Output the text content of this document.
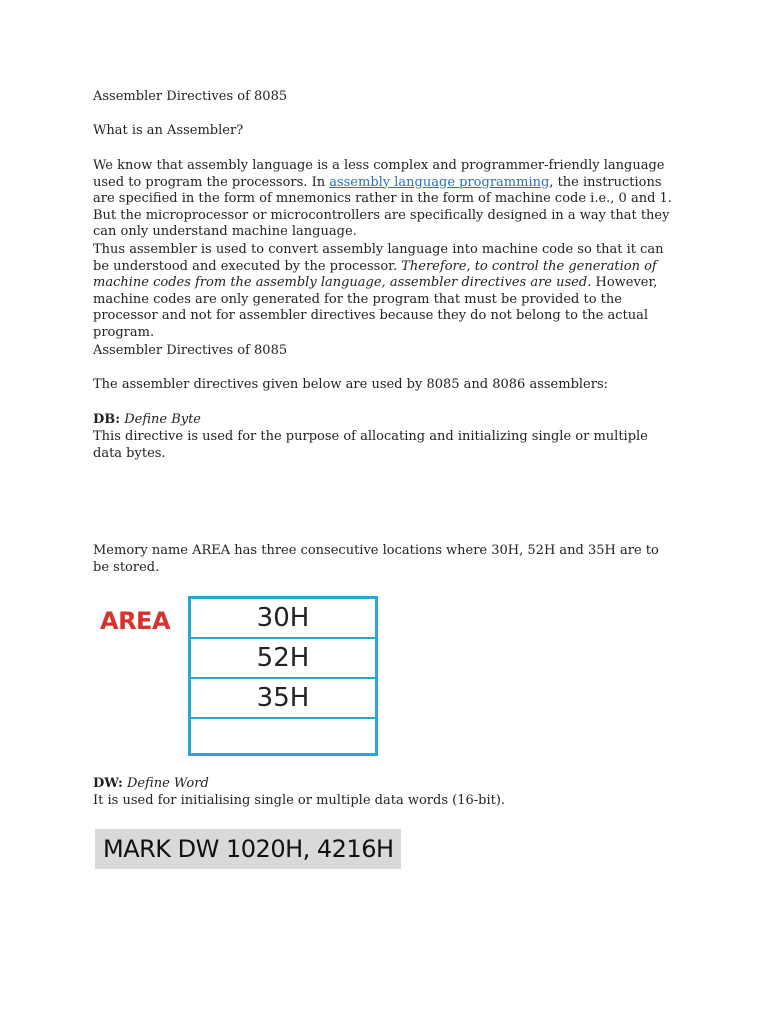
Assembler Directives of 8085

What is an Assembler?

We know that assembly language is a less complex and programmer-friendly language used to program the processors. In assembly language programming, the instructions are specified in the form of mnemonics rather in the form of machine code i.e., 0 and 1. But the microprocessor or microcontrollers are specifically designed in a way that they can only understand machine language.

Thus assembler is used to convert assembly language into machine code so that it can be understood and executed by the processor. Therefore, to control the generation of machine codes from the assembly language, assembler directives are used. However, machine codes are only generated for the program that must be provided to the processor and not for assembler directives because they do not belong to the actual program.

Assembler Directives of 8085

The assembler directives given below are used by 8085 and 8086 assemblers:

DB: Define Byte

This directive is used for the purpose of allocating and initializing single or multiple data bytes.

Memory name AREA has three consecutive locations where 30H, 52H and 35H are to be stored.

AREA	30H
52H
35H

DW: Define Word

It is used for initialising single or multiple data words (16-bit).

MARK DW 1020H, 4216H
